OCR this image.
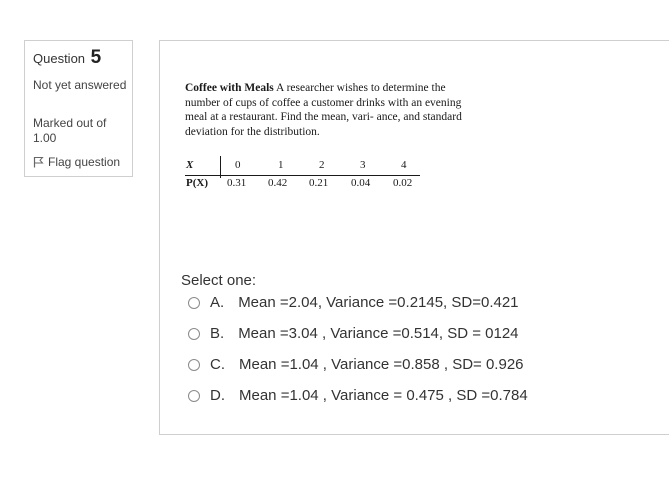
Question 5
Not yet answered
Marked out of 1.00
Flag question
Coffee with Meals A researcher wishes to determine the number of cups of coffee a customer drinks with an evening meal at a restaurant. Find the mean, vari- ance, and standard deviation for the distribution.
X	0	1	2	3	4
P(X) 0.31 0.42 0.21 0.04 0.02
Select one:
A. Mean =2.04, Variance =0.2145, SD=0.421
B. Mean =3.04 , Variance =0.514, SD = 0124
C. Mean =1.04 , Variance =0.858 , SD= 0.926
D. Mean =1.04 , Variance = 0.475 , SD =0.784
